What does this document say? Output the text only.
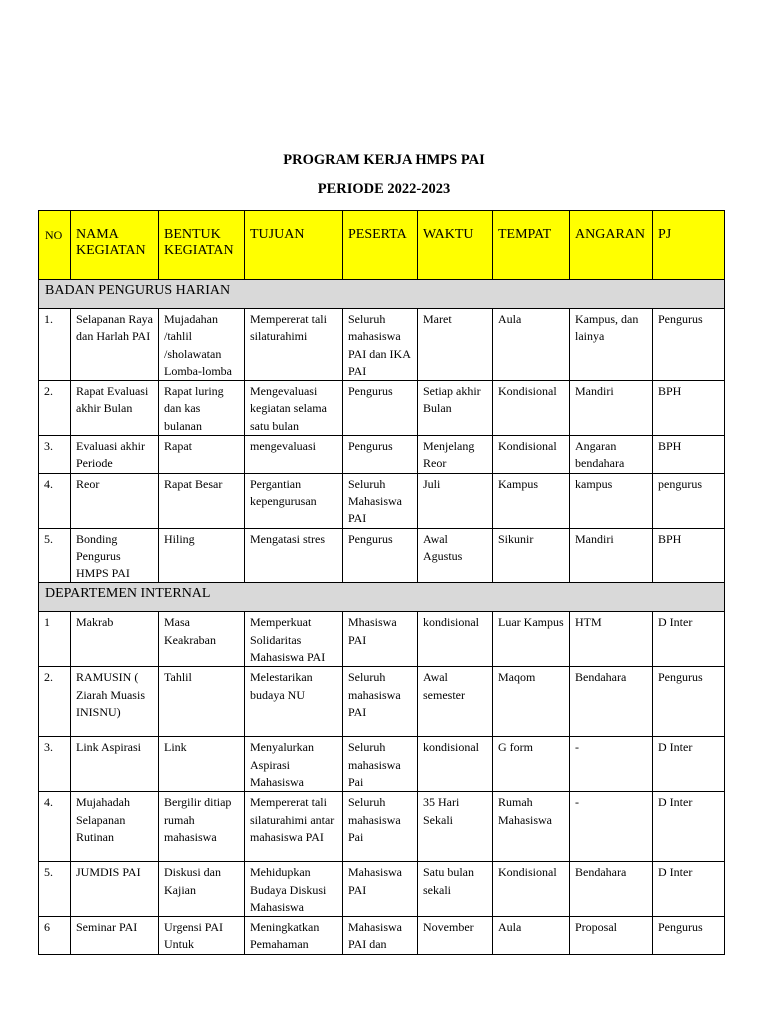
PROGRAM KERJA HMPS PAI
PERIODE 2022-2023
NO	NAMA KEGIATAN	BENTUK KEGIATAN	TUJUAN	PESERTA	WAKTU	TEMPAT	ANGARAN	PJ
BADAN PENGURUS HARIAN								
1.	Selapanan Raya dan Harlah PAI	Mujadahan /tahlil /sholawatan Lomba-lomba	Mempererat tali silaturahimi	Seluruh mahasiswa PAI dan IKA PAI	Maret	Aula	Kampus, dan lainya	Pengurus
2.	Rapat Evaluasi akhir Bulan	Rapat luring dan kas bulanan	Mengevaluasi kegiatan selama satu bulan	Pengurus	Setiap akhir Bulan	Kondisional	Mandiri	BPH
3.	Evaluasi akhir Periode	Rapat	mengevaluasi	Pengurus	Menjelang Reor	Kondisional	Angaran bendahara	BPH
4.	Reor	Rapat Besar	Pergantian kepengurusan	Seluruh Mahasiswa PAI	Juli	Kampus	kampus	pengurus
5.	Bonding Pengurus HMPS PAI	Hiling	Mengatasi stres	Pengurus	Awal Agustus	Sikunir	Mandiri	BPH
DEPARTEMEN INTERNAL								
1	Makrab	Masa Keakraban	Memperkuat Solidaritas Mahasiswa PAI	Mhasiswa PAI	kondisional	Luar Kampus	HTM	D Inter
2.	RAMUSIN ( Ziarah Muasis INISNU)	Tahlil	Melestarikan budaya NU	Seluruh mahasiswa PAI	Awal semester	Maqom	Bendahara	Pengurus
3.	Link Aspirasi	Link	Menyalurkan Aspirasi Mahasiswa	Seluruh mahasiswa Pai	kondisional	G form	-	D Inter
4.	Mujahadah Selapanan Rutinan	Bergilir ditiap rumah mahasiswa	Mempererat tali silaturahimi antar mahasiswa PAI	Seluruh mahasiswa Pai	35 Hari Sekali	Rumah Mahasiswa	-	D Inter
5.	JUMDIS PAI	Diskusi dan Kajian	Mehidupkan Budaya Diskusi Mahasiswa	Mahasiswa PAI	Satu bulan sekali	Kondisional	Bendahara	D Inter
6	Seminar PAI	Urgensi PAI Untuk	Meningkatkan Pemahaman	Mahasiswa PAI dan	November	Aula	Proposal	Pengurus
